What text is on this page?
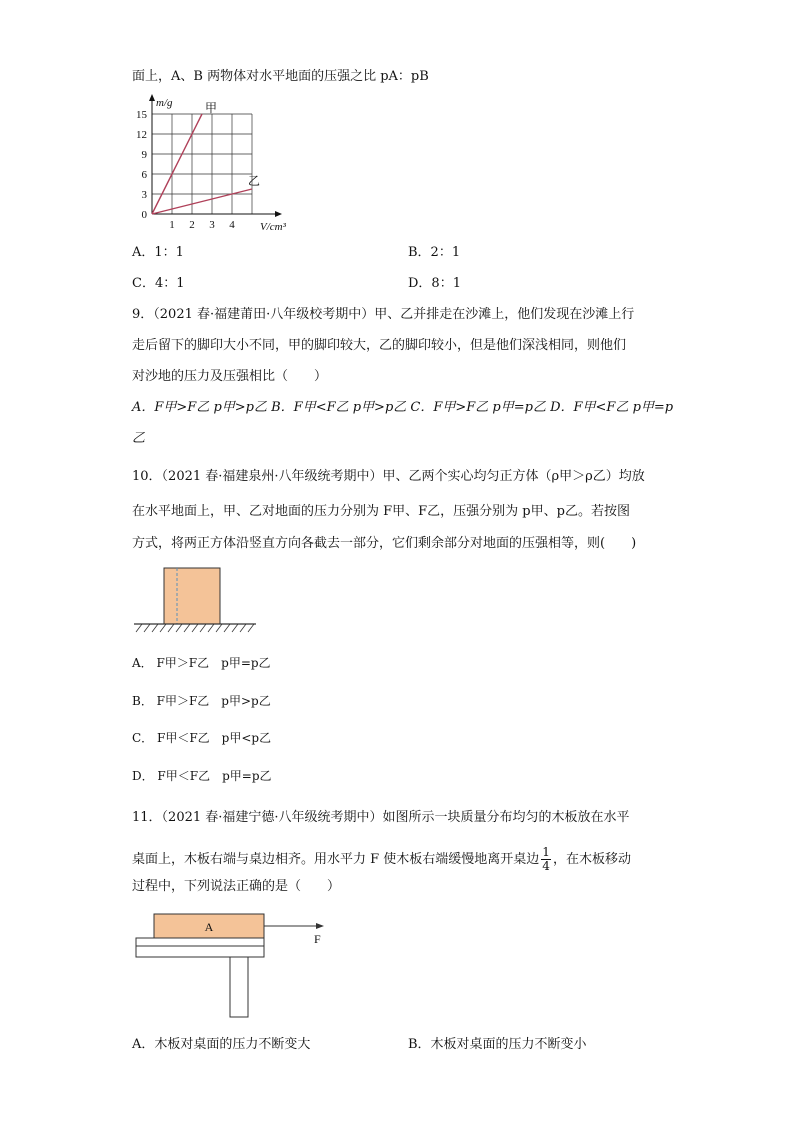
面上，A、B 两物体对水平地面的压强之比 pA：pB
0
3
6
9
12
15
1 2 3 4
m/g
V/cm³
甲
乙
A．1：1	B．2：1
C．4：1	D．8：1
9．（2021 春·福建莆田·八年级校考期中）甲、乙并排走在沙滩上，他们发现在沙滩上行
走后留下的脚印大小不同，甲的脚印较大，乙的脚印较小，但是他们深浅相同，则他们
对沙地的压力及压强相比（　　）
A．F甲>F乙 p甲>p乙 B．F甲<F乙 p甲>p乙 C．F甲>F乙 p甲=p乙 D．F甲<F乙 p甲=p
乙
10．（2021 春·福建泉州·八年级统考期中）甲、乙两个实心均匀正方体（ρ甲＞ρ乙）均放
在水平地面上，甲、乙对地面的压力分别为 F甲、F乙，压强分别为 p甲、p乙。若按图
方式，将两正方体沿竖直方向各截去一部分，它们剩余部分对地面的压强相等，则(　　)
A． F甲＞F乙　p甲=p乙
B． F甲＞F乙　p甲>p乙
C． F甲＜F乙　p甲<p乙
D． F甲＜F乙　p甲=p乙
11．（2021 春·福建宁德·八年级统考期中）如图所示一块质量分布均匀的木板放在水平
桌面上，木板右端与桌边相齐。用水平力 F 使木板右端缓慢地离开桌边 $\frac{1}{4}$ ，在木板移动
过程中，下列说法正确的是（　　）
A
F
A．木板对桌面的压力不断变大	B．木板对桌面的压力不断变小
